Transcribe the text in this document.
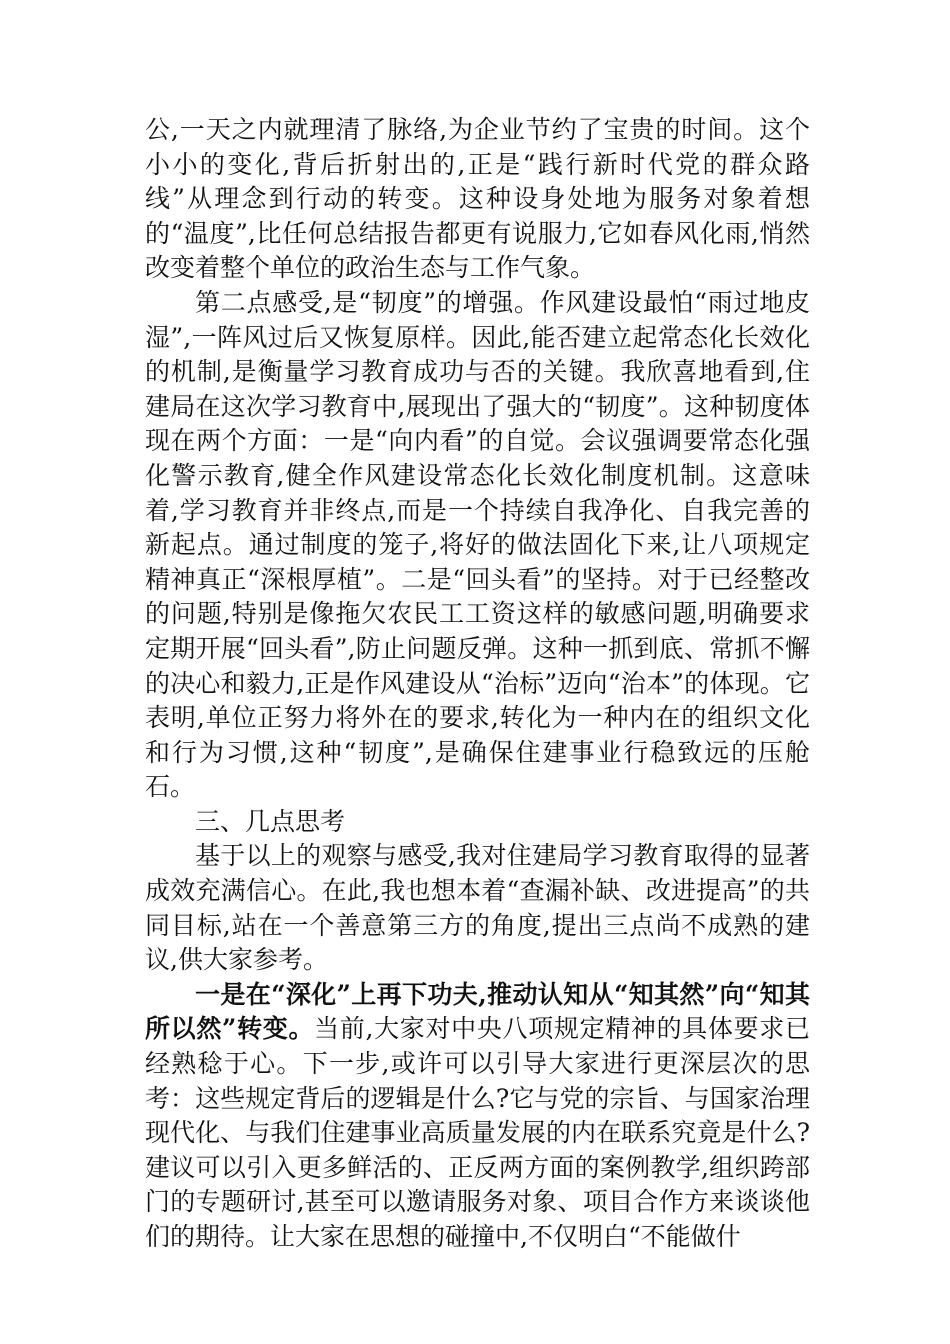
公,一天之内就理清了脉络,为企业节约了宝贵的时间。这个小小的变化,背后折射出的,正是“践行新时代党的群众路线”从理念到行动的转变。这种设身处地为服务对象着想的“温度”,比任何总结报告都更有说服力,它如春风化雨,悄然改变着整个单位的政治生态与工作气象。

第二点感受,是“韧度”的增强。作风建设最怕“雨过地皮湿”,一阵风过后又恢复原样。因此,能否建立起常态化长效化的机制,是衡量学习教育成功与否的关键。我欣喜地看到,住建局在这次学习教育中,展现出了强大的“韧度”。这种韧度体现在两个方面：一是“向内看”的自觉。会议强调要常态化强化警示教育,健全作风建设常态化长效化制度机制。这意味着,学习教育并非终点,而是一个持续自我净化、自我完善的新起点。通过制度的笼子,将好的做法固化下来,让八项规定精神真正“深根厚植”。二是“回头看”的坚持。对于已经整改的问题,特别是像拖欠农民工工资这样的敏感问题,明确要求定期开展“回头看”,防止问题反弹。这种一抓到底、常抓不懈的决心和毅力,正是作风建设从“治标”迈向“治本”的体现。它表明,单位正努力将外在的要求,转化为一种内在的组织文化和行为习惯,这种“韧度”,是确保住建事业行稳致远的压舱石。

三、几点思考

基于以上的观察与感受,我对住建局学习教育取得的显著成效充满信心。在此,我也想本着“查漏补缺、改进提高”的共同目标,站在一个善意第三方的角度,提出三点尚不成熟的建议,供大家参考。

一是在“深化”上再下功夫,推动认知从“知其然”向“知其所以然”转变。当前,大家对中央八项规定精神的具体要求已经熟稔于心。下一步,或许可以引导大家进行更深层次的思考：这些规定背后的逻辑是什么?它与党的宗旨、与国家治理现代化、与我们住建事业高质量发展的内在联系究竟是什么?建议可以引入更多鲜活的、正反两方面的案例教学,组织跨部门的专题研讨,甚至可以邀请服务对象、项目合作方来谈谈他们的期待。让大家在思想的碰撞中,不仅明白“不能做什
